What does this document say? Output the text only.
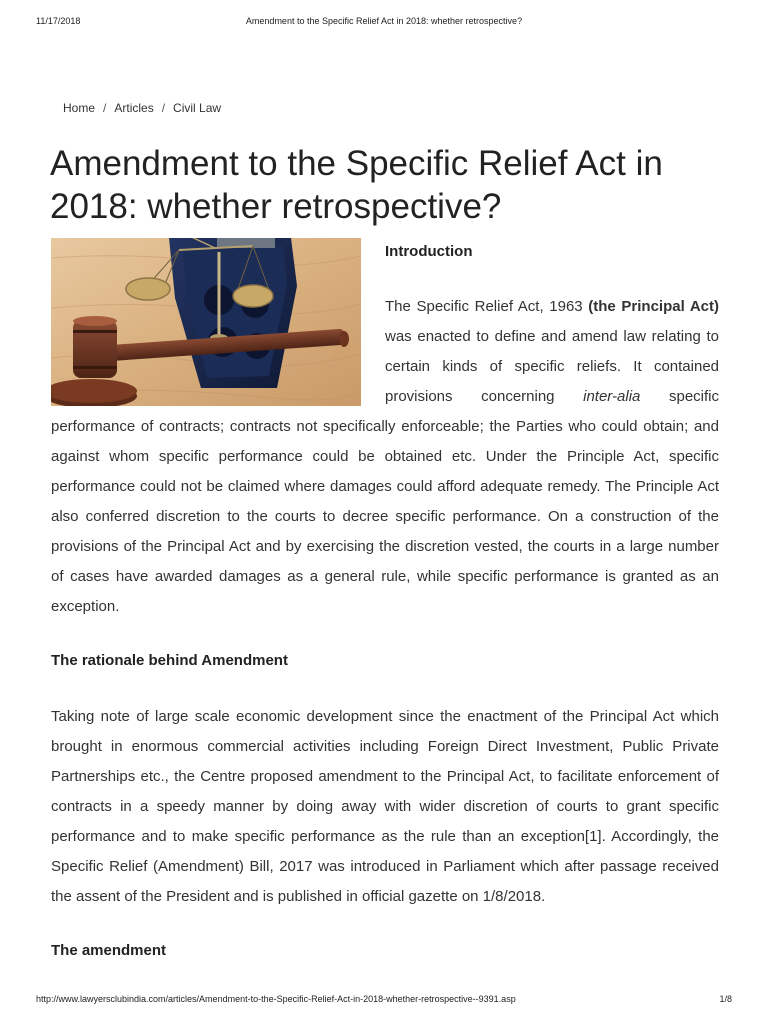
11/17/2018	Amendment to the Specific Relief Act in 2018: whether retrospective?
Home / Articles / Civil Law
Amendment to the Specific Relief Act in 2018: whether retrospective?
Introduction

The Specific Relief Act, 1963 (the Principal Act) was enacted to define and amend law relating to certain kinds of specific reliefs. It contained provisions concerning inter-alia specific performance of contracts; contracts not specifically enforceable; the Parties who could obtain; and against whom specific performance could be obtained etc. Under the Principle Act, specific performance could not be claimed where damages could afford adequate remedy. The Principle Act also conferred discretion to the courts to decree specific performance. On a construction of the provisions of the Principal Act and by exercising the discretion vested, the courts in a large number of cases have awarded damages as a general rule, while specific performance is granted as an exception.

The rationale behind Amendment

Taking note of large scale economic development since the enactment of the Principal Act which brought in enormous commercial activities including Foreign Direct Investment, Public Private Partnerships etc., the Centre proposed amendment to the Principal Act, to facilitate enforcement of contracts in a speedy manner by doing away with wider discretion of courts to grant specific performance and to make specific performance as the rule than an exception[1]. Accordingly, the Specific Relief (Amendment) Bill, 2017 was introduced in Parliament which after passage received the assent of the President and is published in official gazette on 1/8/2018.

The amendment
http://www.lawyersclubindia.com/articles/Amendment-to-the-Specific-Relief-Act-in-2018-whether-retrospective--9391.asp	1/8
